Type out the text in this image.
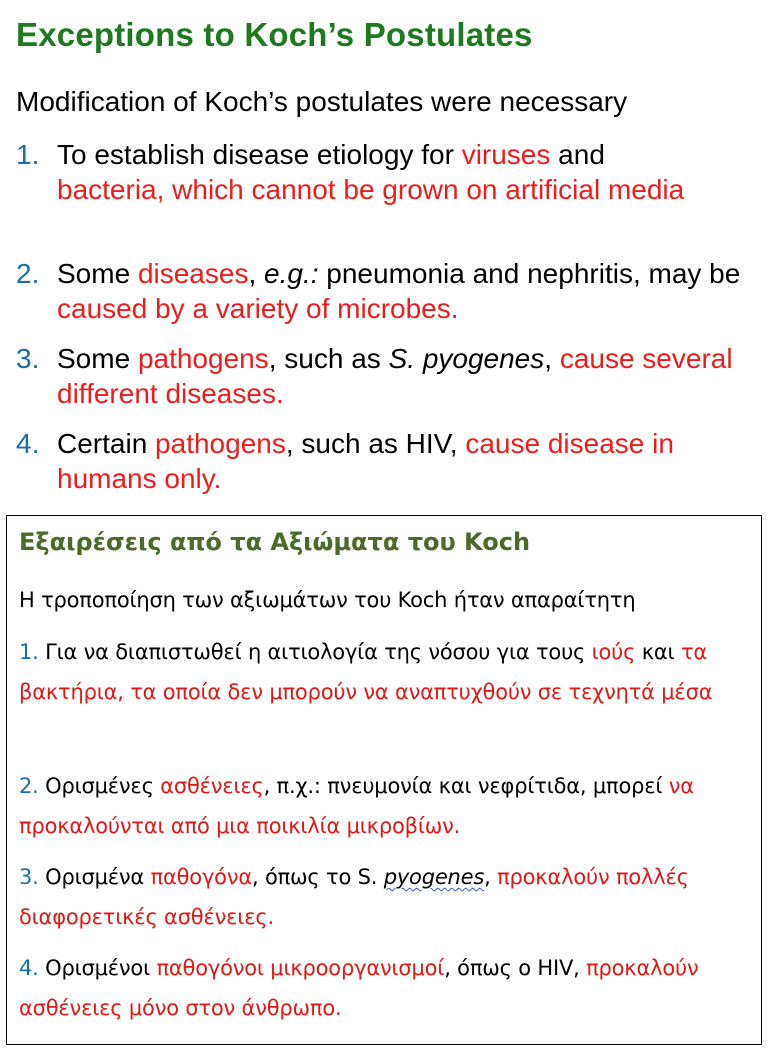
Exceptions to Koch’s Postulates

Modification of Koch’s postulates were necessary

1. To establish disease etiology for viruses and
bacteria, which cannot be grown on artificial media
2. Some diseases, e.g.: pneumonia and nephritis, may be caused by a variety of microbes.
3. Some pathogens, such as S. pyogenes, cause several different diseases.
4. Certain pathogens, such as HIV, cause disease in humans only.
Εξαιρέσεις από τα Αξιώματα του Koch

Η τροποποίηση των αξιωμάτων του Koch ήταν απαραίτητη

1. Για να διαπιστωθεί η αιτιολογία της νόσου για τους ιούς και τα βακτήρια, τα οποία δεν μπορούν να αναπτυχθούν σε τεχνητά μέσα
2. Ορισμένες ασθένειες, π.χ.: πνευμονία και νεφρίτιδα, μπορεί να προκαλούνται από μια ποικιλία μικροβίων.
3. Ορισμένα παθογόνα, όπως το S. pyogenes, προκαλούν πολλές διαφορετικές ασθένειες.
4. Ορισμένοι παθογόνοι μικροοργανισμοί, όπως ο HIV, προκαλούν ασθένειες μόνο στον άνθρωπο.
